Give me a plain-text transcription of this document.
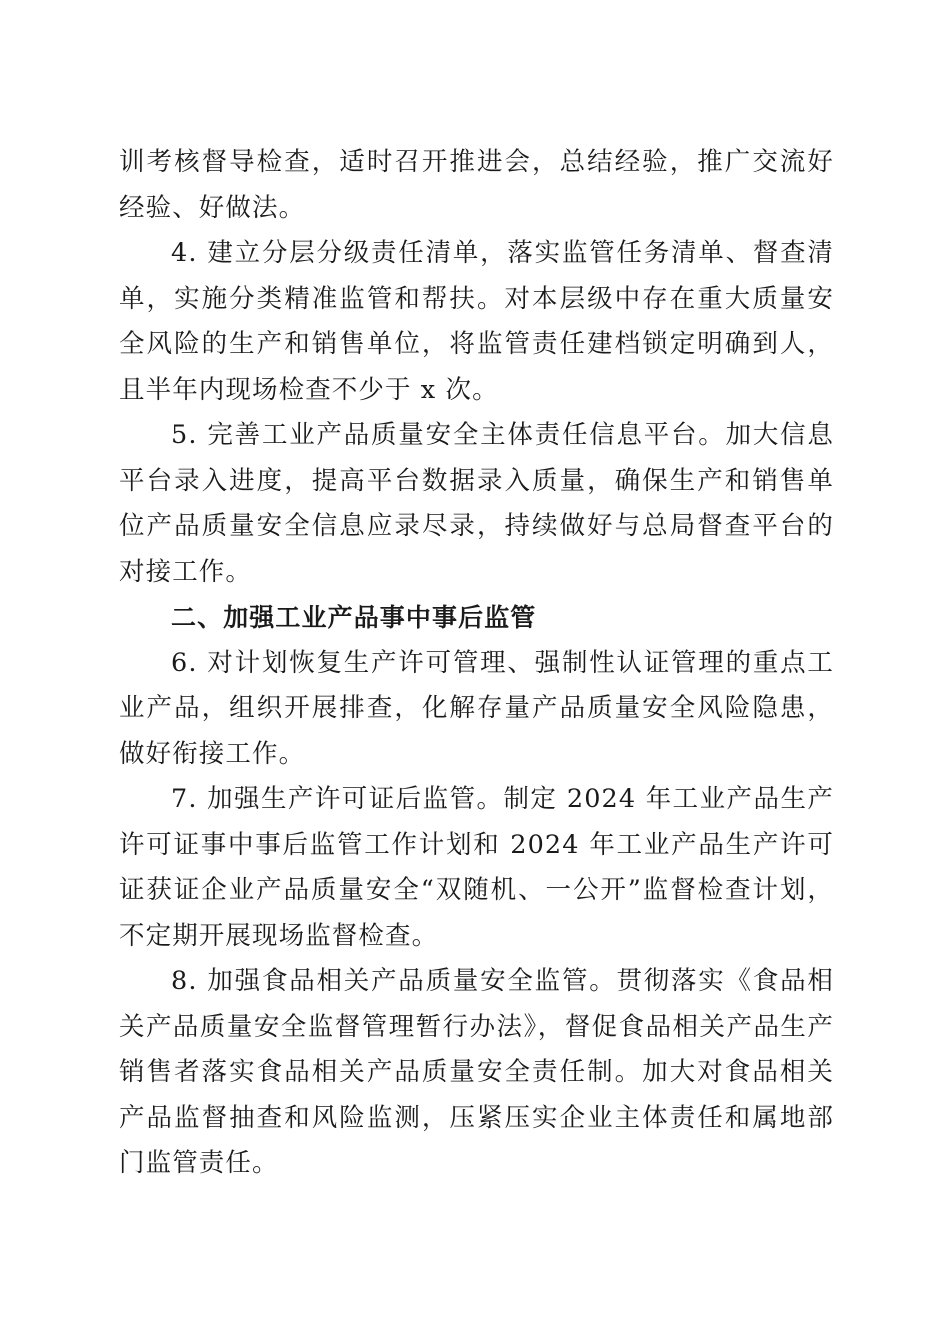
训考核督导检查，适时召开推进会，总结经验，推广交流好经验、好做法。

4. 建立分层分级责任清单，落实监管任务清单、督查清单，实施分类精准监管和帮扶。对本层级中存在重大质量安全风险的生产和销售单位，将监管责任建档锁定明确到人，且半年内现场检查不少于 x 次。

5. 完善工业产品质量安全主体责任信息平台。加大信息平台录入进度，提高平台数据录入质量，确保生产和销售单位产品质量安全信息应录尽录，持续做好与总局督查平台的对接工作。

二、加强工业产品事中事后监管

6. 对计划恢复生产许可管理、强制性认证管理的重点工业产品，组织开展排查，化解存量产品质量安全风险隐患，做好衔接工作。

7. 加强生产许可证后监管。制定 2024 年工业产品生产许可证事中事后监管工作计划和 2024 年工业产品生产许可证获证企业产品质量安全“双随机、一公开”监督检查计划，不定期开展现场监督检查。

8. 加强食品相关产品质量安全监管。贯彻落实《食品相关产品质量安全监督管理暂行办法》，督促食品相关产品生产销售者落实食品相关产品质量安全责任制。加大对食品相关产品监督抽查和风险监测，压紧压实企业主体责任和属地部门监管责任。
